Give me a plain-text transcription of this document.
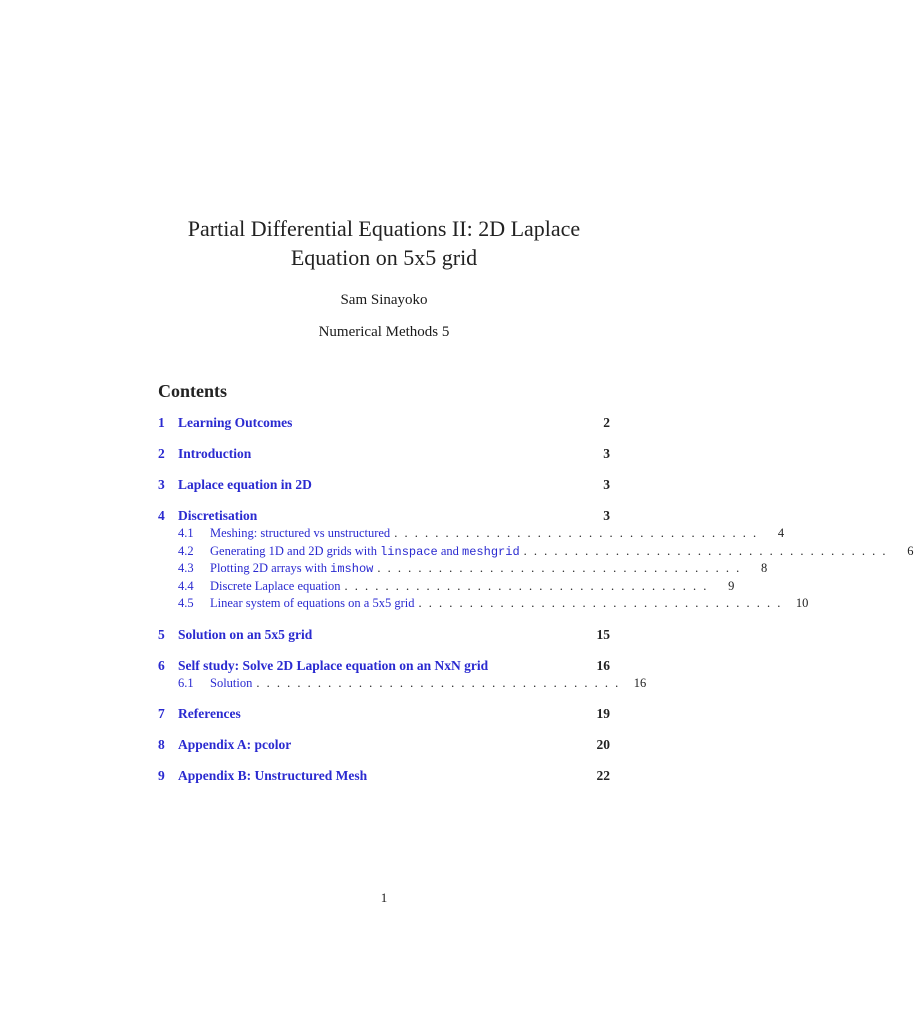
Partial Differential Equations II: 2D Laplace
Equation on 5x5 grid
Sam Sinayoko
Numerical Methods 5
Contents
1 Learning Outcomes	2
2 Introduction	3
3 Laplace equation in 2D	3
4 Discretisation	3
4.1	Meshing: structured vs unstructured . . . . . . . . . . . . . . . . . . . . . . . . . . . . . . . . . . . .	4
4.2	Generating 1D and 2D grids with linspace and meshgrid . . . . . . . . . . . . . . . . . . . . . . . . . . . . . . . . . . . .	6
4.3	Plotting 2D arrays with imshow . . . . . . . . . . . . . . . . . . . . . . . . . . . . . . . . . . . .	8
4.4	Discrete Laplace equation . . . . . . . . . . . . . . . . . . . . . . . . . . . . . . . . . . . .	9
4.5	Linear system of equations on a 5x5 grid . . . . . . . . . . . . . . . . . . . . . . . . . . . . . . . . . . . .	10
5 Solution on an 5x5 grid	15
6 Self study: Solve 2D Laplace equation on an NxN grid	16
6.1	Solution . . . . . . . . . . . . . . . . . . . . . . . . . . . . . . . . . . . .	16
7 References	19
8 Appendix A: pcolor	20
9 Appendix B: Unstructured Mesh	22
1
